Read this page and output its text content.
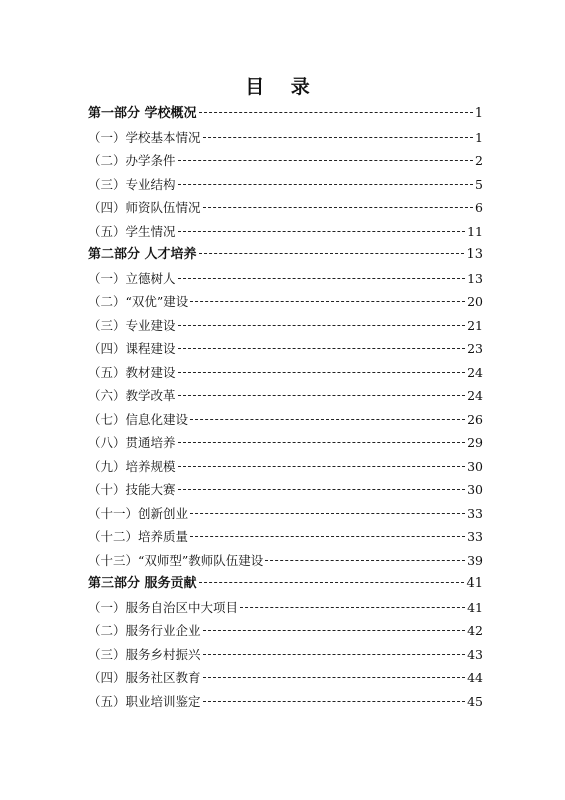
目 录
第一部分 学校概况	1
（一）学校基本情况	1
（二）办学条件	2
（三）专业结构	5
（四）师资队伍情况	6
（五）学生情况	11
第二部分 人才培养	13
（一）立德树人	13
（二）“双优”建设	20
（三）专业建设	21
（四）课程建设	23
（五）教材建设	24
（六）教学改革	24
（七）信息化建设	26
（八）贯通培养	29
（九）培养规模	30
（十）技能大赛	30
（十一）创新创业	33
（十二）培养质量	33
（十三）“双师型”教师队伍建设	39
第三部分 服务贡献	41
（一）服务自治区中大项目	41
（二）服务行业企业	42
（三）服务乡村振兴	43
（四）服务社区教育	44
（五）职业培训鉴定	45
